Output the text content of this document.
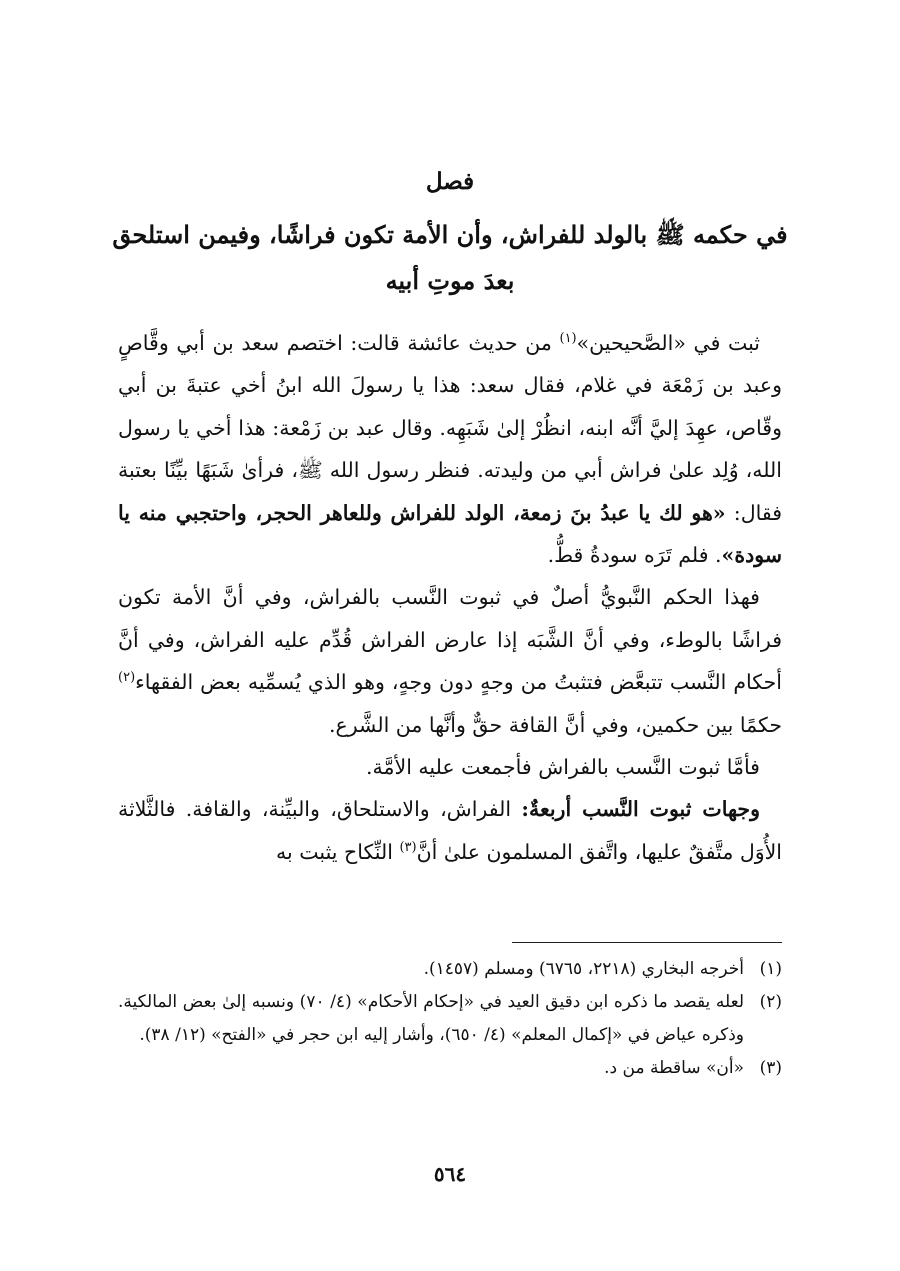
فصل
في حكمه ﷺ بالولد للفراش، وأن الأمة تكون فراشًا، وفيمن استلحق
بعدَ موتِ أبيه

ثبت في «الصَّحيحين»$^{(١)}$ من حديث عائشة قالت: اختصم سعد بن أبي وقَّاصٍ وعبد بن زَمْعَة في غلام، فقال سعد: هذا يا رسولَ الله ابنُ أخي عتبةَ بن أبي وقّاص، عهِدَ إليَّ أنَّه ابنه، انظُرْ إلىٰ شَبَهِه. وقال عبد بن زَمْعة: هذا أخي يا رسول الله، وُلِد علىٰ فراش أبي من وليدته. فنظر رسول الله ﷺ، فرأىٰ شَبَهًا بيِّنًا بعتبة فقال: «هو لك يا عبدُ بنَ زمعة، الولد للفراش وللعاهر الحجر، واحتجبي منه يا سودة». فلم تَرَه سودةُ قطُّ.

فهذا الحكم النَّبويُّ أصلٌ في ثبوت النَّسب بالفراش، وفي أنَّ الأمة تكون فراشًا بالوطء، وفي أنَّ الشَّبَه إذا عارض الفراش قُدِّم عليه الفراش، وفي أنَّ أحكام النَّسب تتبعَّض فتثبتُ من وجهٍ دون وجهٍ، وهو الذي يُسمِّيه بعض الفقهاء$^{(٢)}$ حكمًا بين حكمين، وفي أنَّ القافة حقٌّ وأنَّها من الشَّرع.

فأمَّا ثبوت النَّسب بالفراش فأجمعت عليه الأمَّة.

وجهات ثبوت النَّسب أربعةٌ: الفراش، والاستلحاق، والبيِّنة، والقافة. فالثَّلاثة الأُوَل متَّفقٌ عليها، واتَّفق المسلمون علىٰ أنَّ$^{(٣)}$ النِّكاح يثبت به

(١)
أخرجه البخاري (٢٢١٨، ٦٧٦٥) ومسلم (١٤٥٧).
(٢)
لعله يقصد ما ذكره ابن دقيق العيد في «إحكام الأحكام» (٤/ ٧٠) ونسبه إلىٰ بعض المالكية. وذكره عياض في «إكمال المعلم» (٤/ ٦٥٠)، وأشار إليه ابن حجر في «الفتح» (١٢/ ٣٨).
(٣)
«أن» ساقطة من د.
٥٦٤
